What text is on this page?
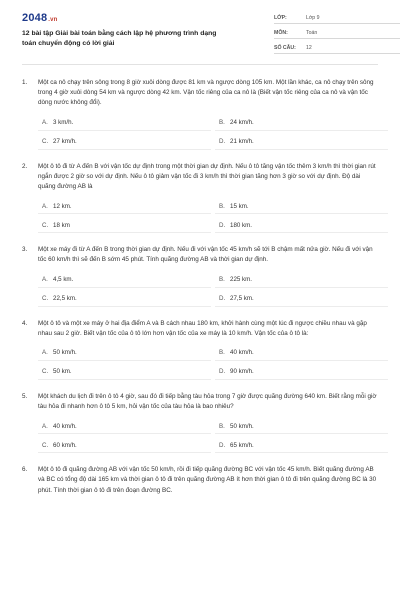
2048.vn
12 bài tập Giải bài toán bằng cách lập hệ phương trình dạng toán chuyển động có lời giải
LỚP:	Lớp 9
MÔN:	Toán
SỐ CÂU:	12
1.	Một ca nô chạy trên sông trong 8 giờ xuôi dòng được 81 km và ngược dòng 105 km. Một lần khác, ca nô chạy trên sông trong 4 giờ xuôi dòng 54 km và ngược dòng 42 km. Vận tốc riêng của ca nô là (Biết vận tốc riêng của ca nô và vận tốc dòng nước không đổi).
A. 3 km/h.	B. 24 km/h.
C. 27 km/h.	D. 21 km/h.
2.	Một ô tô đi từ A đến B với vận tốc dự định trong một thời gian dự định. Nếu ô tô tăng vận tốc thêm 3 km/h thì thời gian rút ngắn được 2 giờ so với dự định. Nếu ô tô giảm vận tốc đi 3 km/h thì thời gian tăng hơn 3 giờ so với dự định. Độ dài quãng đường AB là
A. 12 km.	B. 15 km.
C. 18 km	D. 180 km.
3.	Một xe máy đi từ A đến B trong thời gian dự định. Nếu đi với vận tốc 45 km/h sẽ tới B chậm mất nửa giờ. Nếu đi với vận tốc 60 km/h thì sẽ đến B sớm 45 phút. Tính quãng đường AB và thời gian dự định.
A. 4,5 km.	B. 225 km.
C. 22,5 km.	D. 27,5 km.
4.	Một ô tô và một xe máy ở hai địa điểm A và B cách nhau 180 km, khởi hành cùng một lúc đi ngược chiều nhau và gặp nhau sau 2 giờ. Biết vận tốc của ô tô lớn hơn vận tốc của xe máy là 10 km/h. Vận tốc của ô tô là:
A. 50 km/h.	B. 40 km/h.
C. 50 km.	D. 90 km/h.
5.	Một khách du lịch đi trên ô tô 4 giờ, sau đó đi tiếp bằng tàu hỏa trong 7 giờ được quãng đường 640 km. Biết rằng mỗi giờ tàu hỏa đi nhanh hơn ô tô 5 km, hỏi vận tốc của tàu hỏa là bao nhiêu?
A. 40 km/h.	B. 50 km/h.
C. 60 km/h.	D. 65 km/h.
6.	Một ô tô đi quãng đường AB với vận tốc 50 km/h, rồi đi tiếp quãng đường BC với vận tốc 45 km/h. Biết quãng đường AB và BC có tổng độ dài 165 km và thời gian ô tô đi trên quãng đường AB ít hơn thời gian ô tô đi trên quãng đường BC là 30 phút. Tính thời gian ô tô đi trên đoạn đường BC.
